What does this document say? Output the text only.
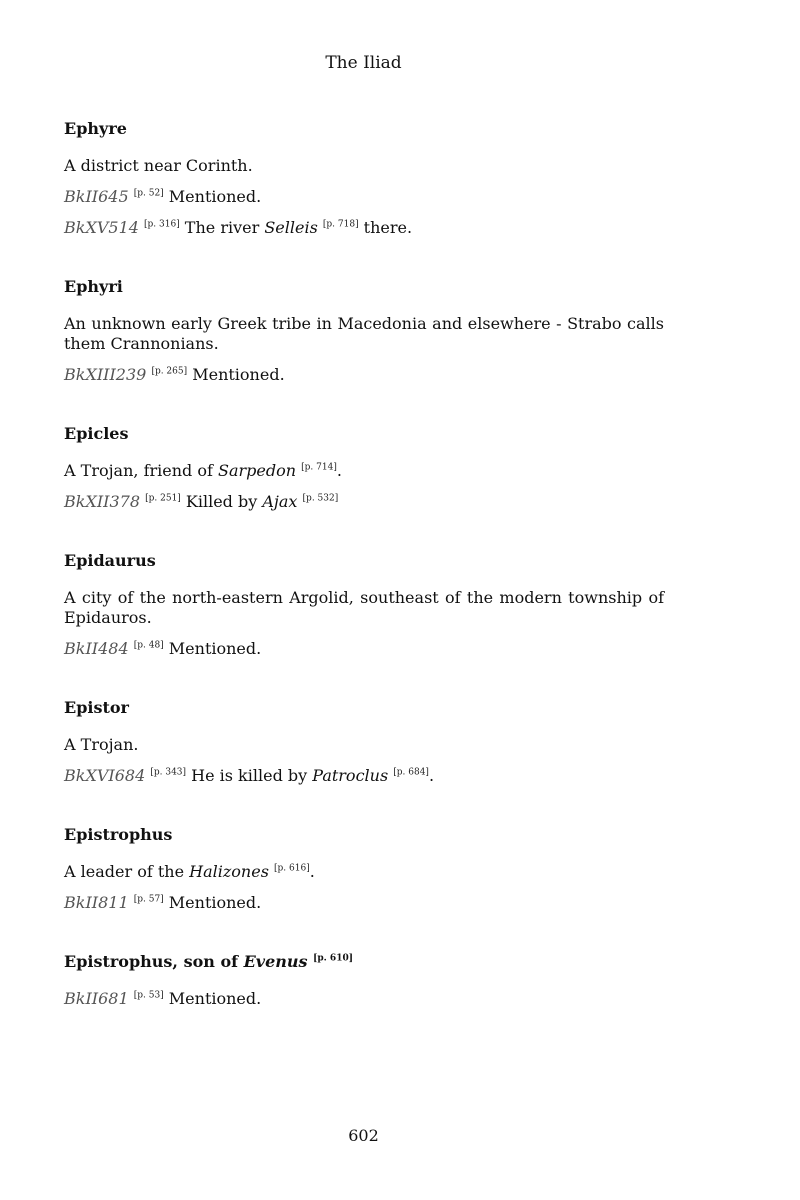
The Iliad
Ephyre

A district near Corinth.

BkII645 [p. 52] Mentioned.

BkXV514 [p. 316] The river Selleis [p. 718] there.

Ephyri

An unknown early Greek tribe in Macedonia and elsewhere - Strabo calls them Crannonians.

BkXIII239 [p. 265] Mentioned.

Epicles

A Trojan, friend of Sarpedon [p. 714].

BkXII378 [p. 251] Killed by Ajax [p. 532]

Epidaurus

A city of the north-eastern Argolid, southeast of the modern township of Epidauros.

BkII484 [p. 48] Mentioned.

Epistor

A Trojan.

BkXVI684 [p. 343] He is killed by Patroclus [p. 684].

Epistrophus

A leader of the Halizones [p. 616].

BkII811 [p. 57] Mentioned.

Epistrophus, son of Evenus [p. 610]

BkII681 [p. 53] Mentioned.

602
